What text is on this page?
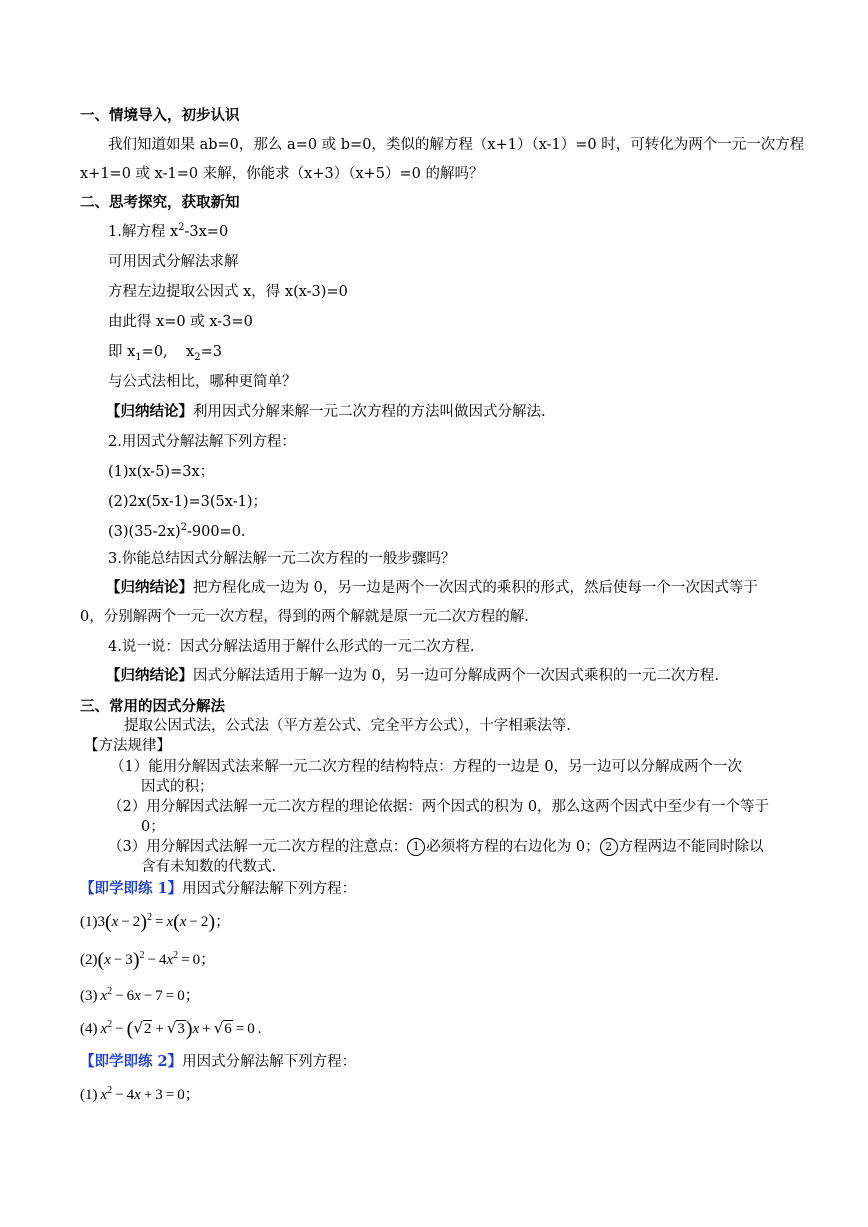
一、情境导入，初步认识
我们知道如果 ab=0，那么 a=0 或 b=0，类似的解方程（x+1）（x-1）=0 时，可转化为两个一元一次方程
x+1=0 或 x-1=0 来解，你能求（x+3）（x+5）=0 的解吗？
二、思考探究，获取新知
1.解方程 $x^2-3x=0$
可用因式分解法求解
方程左边提取公因式 x，得 x(x-3)=0
由此得 x=0 或 x-3=0
即 $x_1=0$,    $x_2=3$
与公式法相比，哪种更简单？
【归纳结论】利用因式分解来解一元二次方程的方法叫做因式分解法.
2.用因式分解法解下列方程：
(1)x(x-5)=3x；
(2)2x(5x-1)=3(5x-1)；
$(3)(35-2x)^2-900=0$.
3.你能总结因式分解法解一元二次方程的一般步骤吗？
【归纳结论】把方程化成一边为 0，另一边是两个一次因式的乘积的形式，然后使每一个一次因式等于
0，分别解两个一元一次方程，得到的两个解就是原一元二次方程的解.
4.说一说：因式分解法适用于解什么形式的一元二次方程.
【归纳结论】因式分解法适用于解一边为 0，另一边可分解成两个一次因式乘积的一元二次方程.
三、常用的因式分解法
提取公因式法，公式法（平方差公式、完全平方公式），十字相乘法等.
【方法规律】
（1）能用分解因式法来解一元二次方程的结构特点：方程的一边是 0，另一边可以分解成两个一次
因式的积；
（2）用分解因式法解一元二次方程的理论依据：两个因式的积为 0，那么这两个因式中至少有一个等于
0；
（3）用分解因式法解一元二次方程的注意点： 1 必须将方程的右边化为 0； 2 方程两边不能同时除以
含有未知数的代数式.
【即学即练 1】用因式分解法解下列方程：
$(1)3(x - 2)^2 = x(x - 2)$；
$(2)(x - 3)^2 - 4x^2 = 0$；
(3) $x^2 - 6x - 7 = 0$；
(4) $x^2 - (√2 + √3)x + √6 = 0$ .
【即学即练 2】用因式分解法解下列方程：
(1) $x^2 - 4x + 3 = 0$；
